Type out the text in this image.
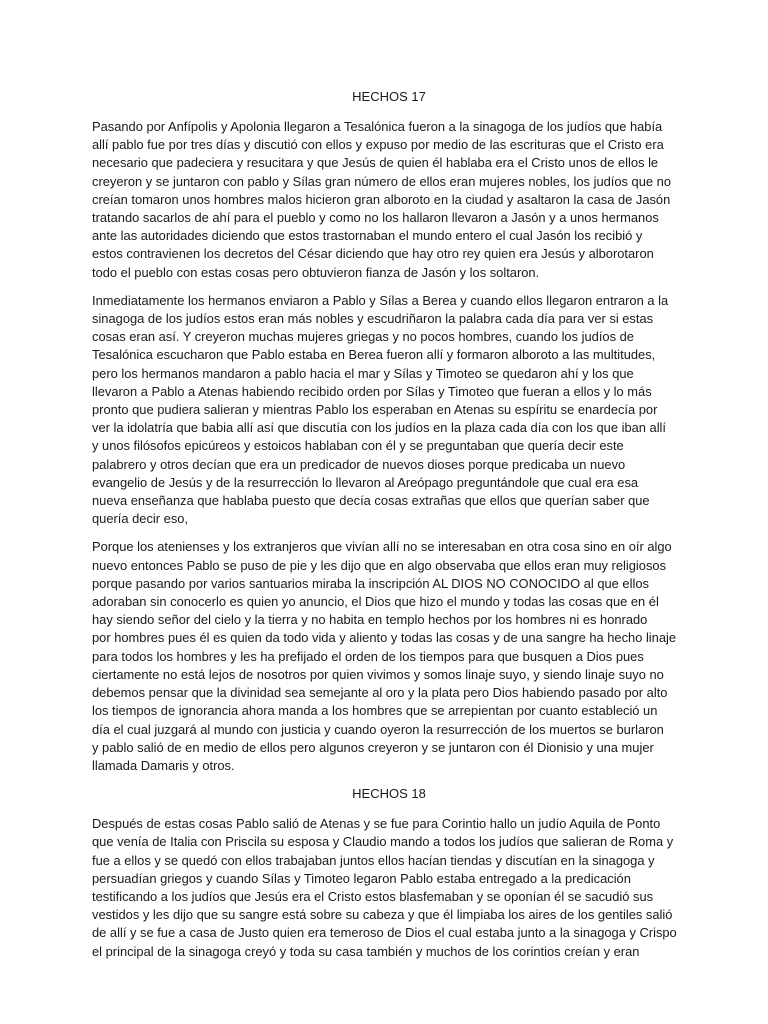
HECHOS 17

Pasando por Anfípolis y Apolonia llegaron a Tesalónica fueron a la sinagoga de los judíos que había
allí pablo fue por tres días y discutió con ellos y expuso por medio de las escrituras que el Cristo era
necesario que padeciera y resucitara y que Jesús de quien él hablaba era el Cristo unos de ellos le
creyeron y se juntaron con pablo y Sílas gran número de ellos eran mujeres nobles, los judíos que no
creían tomaron unos hombres malos hicieron gran alboroto en la ciudad y asaltaron la casa de Jasón
tratando sacarlos de ahí para el pueblo y como no los hallaron llevaron a Jasón y a unos hermanos
ante las autoridades diciendo que estos trastornaban el mundo entero el cual Jasón los recibió y
estos contravienen los decretos del César diciendo que hay otro rey quien era Jesús y alborotaron
todo el pueblo con estas cosas pero obtuvieron fianza de Jasón y los soltaron.

Inmediatamente los hermanos enviaron a Pablo y Sílas a Berea y cuando ellos llegaron entraron a la
sinagoga de los judíos estos eran más nobles y escudriñaron la palabra cada día para ver si estas
cosas eran así. Y creyeron muchas mujeres griegas y no pocos hombres, cuando los judíos de
Tesalónica escucharon que Pablo estaba en Berea fueron allí y formaron alboroto a las multitudes,
pero los hermanos mandaron a pablo hacia el mar y Sílas y Timoteo se quedaron ahí y los que
llevaron a Pablo a Atenas habiendo recibido orden por Sílas y Timoteo que fueran a ellos y lo más
pronto que pudiera salieran y mientras Pablo los esperaban en Atenas su espíritu se enardecía por
ver la idolatría que babia allí así que discutía con los judíos en la plaza cada día con los que iban allí
y unos filósofos epicúreos y estoicos hablaban con él y se preguntaban que quería decir este
palabrero y otros decían que era un predicador de nuevos dioses porque predicaba un nuevo
evangelio de Jesús y de la resurrección lo llevaron al Areópago preguntándole que cual era esa
nueva enseñanza que hablaba puesto que decía cosas extrañas que ellos que querían saber que
quería decir eso,

Porque los atenienses y los extranjeros que vivían allí no se interesaban en otra cosa sino en oír algo
nuevo entonces Pablo se puso de pie y les dijo que en algo observaba que ellos eran muy religiosos
porque pasando por varios santuarios miraba la inscripción AL DIOS NO CONOCIDO al que ellos
adoraban sin conocerlo es quien yo anuncio, el Dios que hizo el mundo y todas las cosas que en él
hay siendo señor del cielo y la tierra y no habita en templo hechos por los hombres ni es honrado
por hombres pues él es quien da todo vida y aliento y todas las cosas y de una sangre ha hecho linaje
para todos los hombres y les ha prefijado el orden de los tiempos para que busquen a Dios pues
ciertamente no está lejos de nosotros por quien vivimos y somos linaje suyo, y siendo linaje suyo no
debemos pensar que la divinidad sea semejante al oro y la plata pero Dios habiendo pasado por alto
los tiempos de ignorancia ahora manda a los hombres que se arrepientan por cuanto estableció un
día el cual juzgará al mundo con justicia y cuando oyeron la resurrección de los muertos se burlaron
y pablo salió de en medio de ellos pero algunos creyeron y se juntaron con él Dionisio y una mujer
llamada Damaris y otros.

HECHOS 18

Después de estas cosas Pablo salió de Atenas y se fue para Corintio hallo un judío Aquila de Ponto
que venía de Italia con Priscila su esposa y Claudio mando a todos los judíos que salieran de Roma y
fue a ellos y se quedó con ellos trabajaban juntos ellos hacían tiendas y discutían en la sinagoga y
persuadían griegos y cuando Sílas y Timoteo legaron Pablo estaba entregado a la predicación
testificando a los judíos que Jesús era el Cristo estos blasfemaban y se oponían él se sacudió sus
vestidos y les dijo que su sangre está sobre su cabeza y que él limpiaba los aires de los gentiles salió
de allí y se fue a casa de Justo quien era temeroso de Dios el cual estaba junto a la sinagoga y Crispo
el principal de la sinagoga creyó y toda su casa también y muchos de los corintios creían y eran
